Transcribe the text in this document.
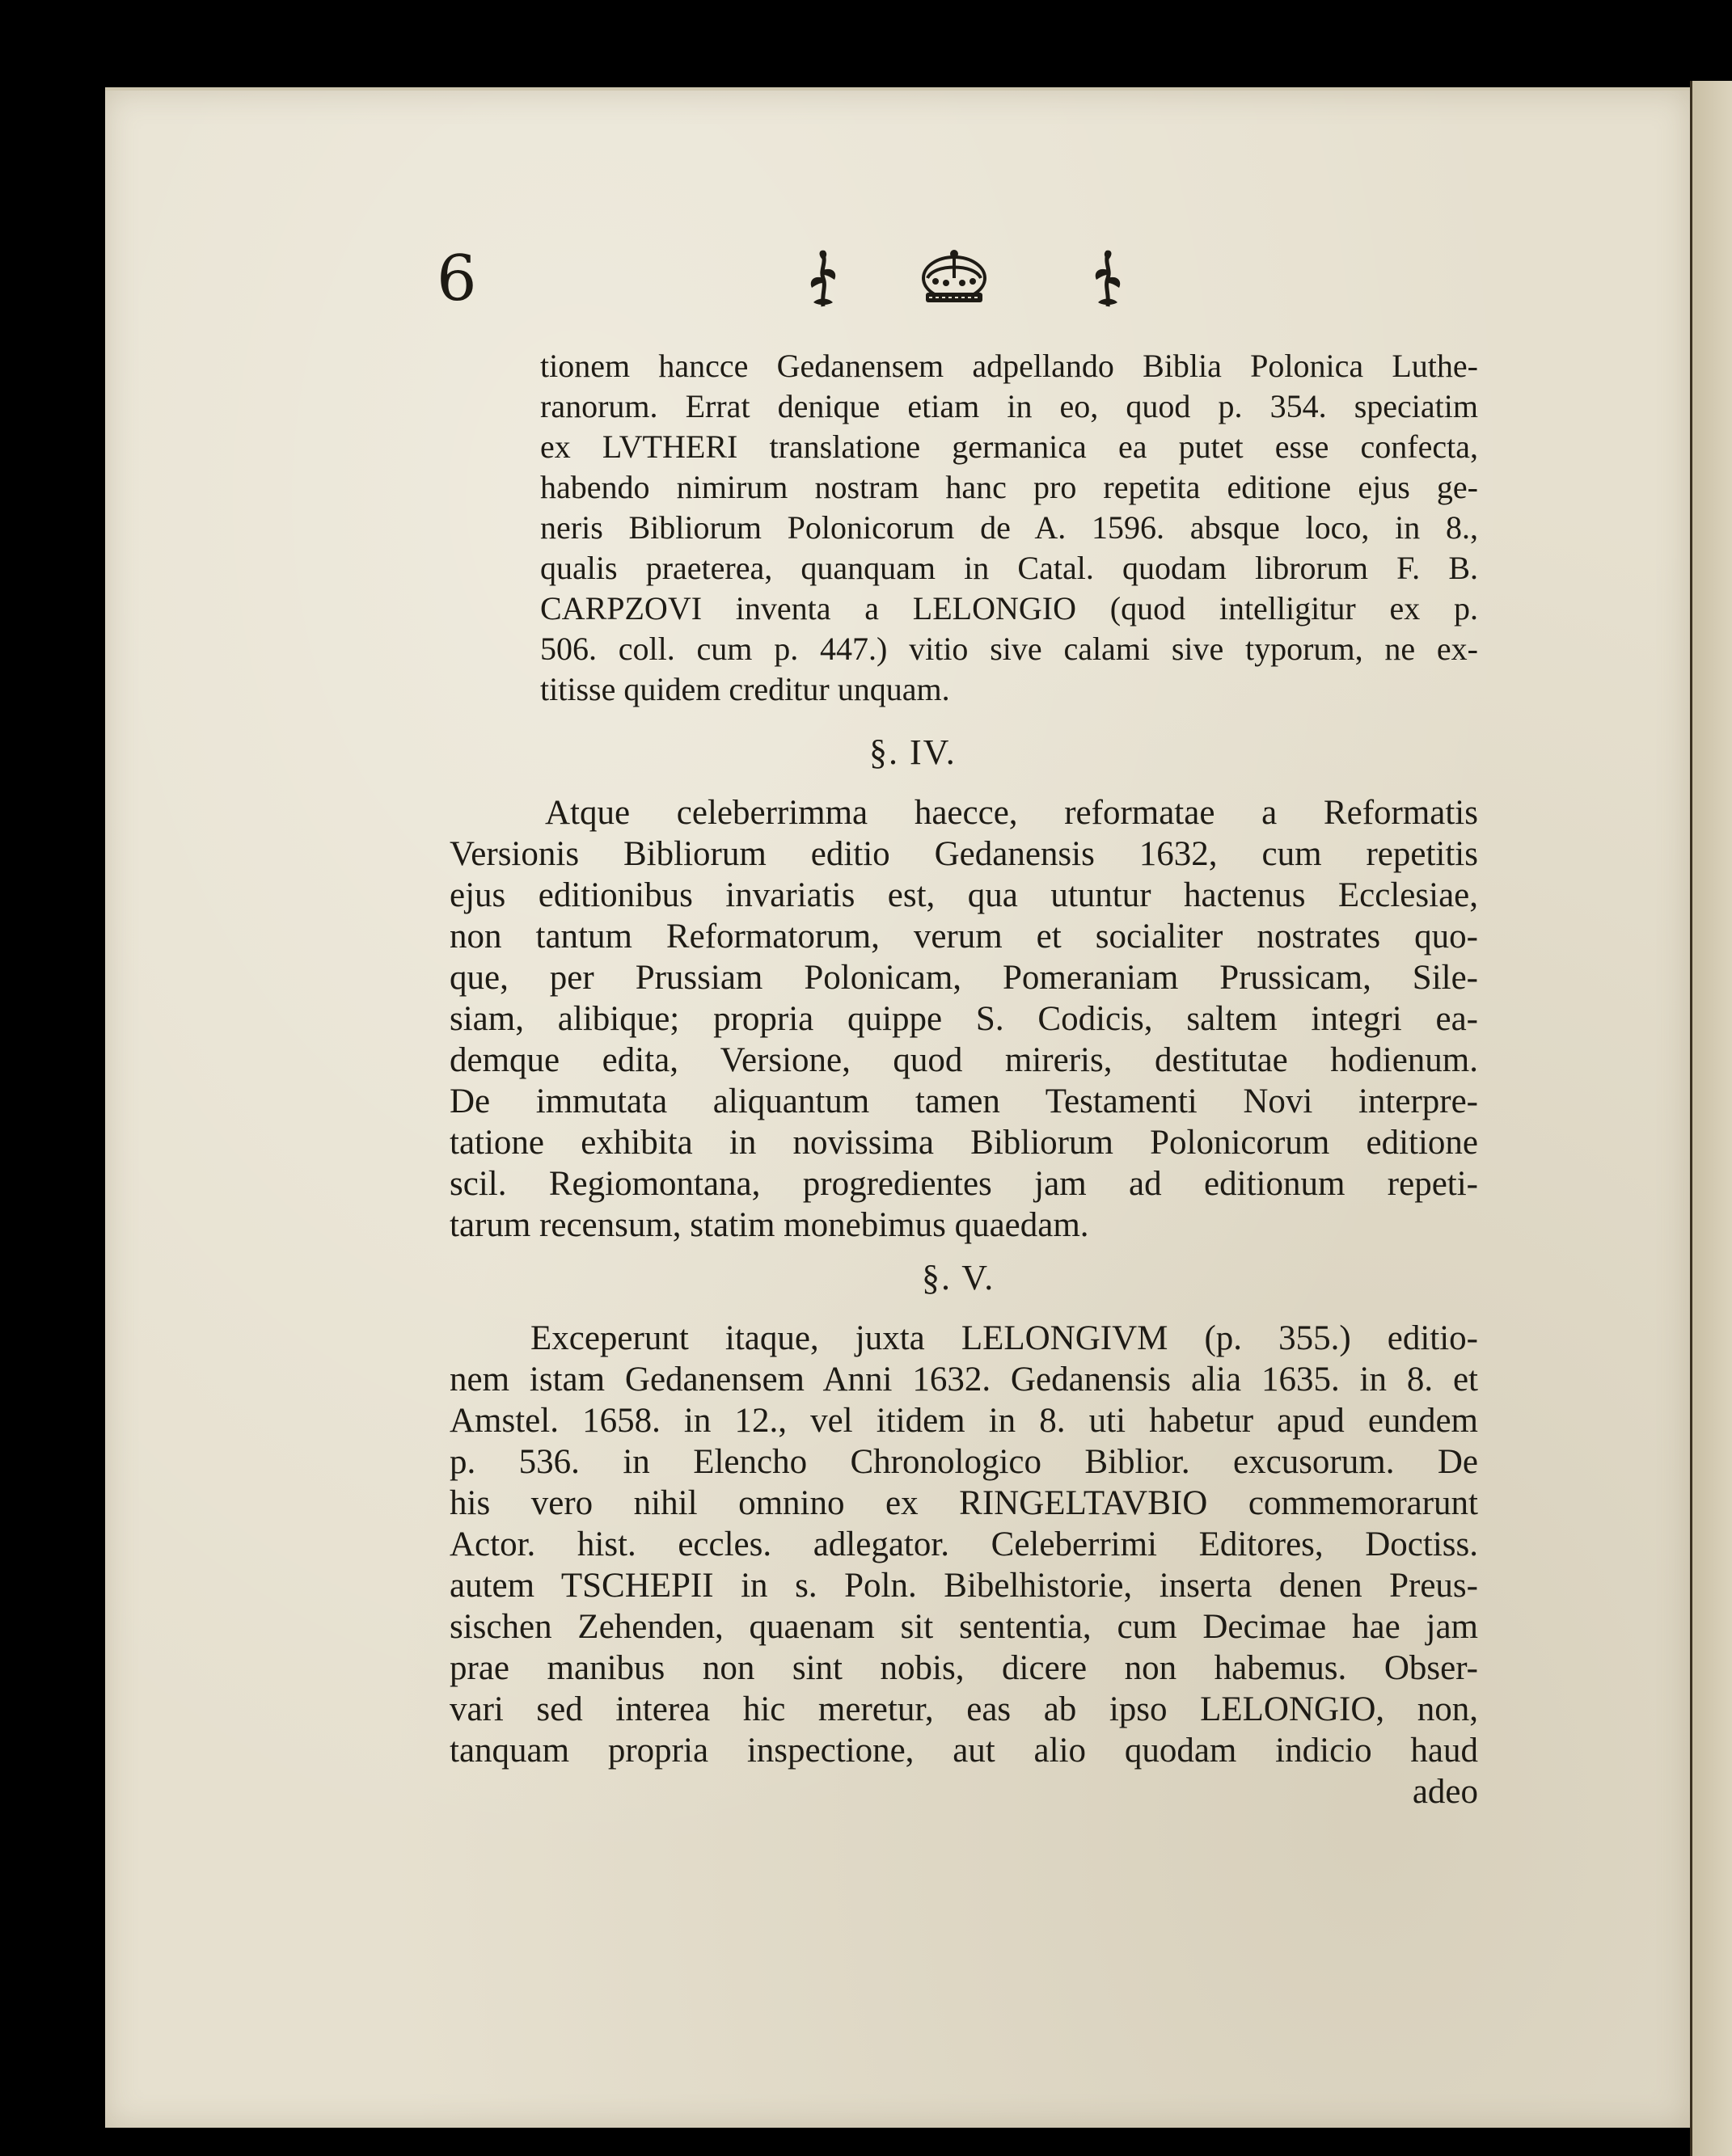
6
tionem hancce Gedanensem adpellando Biblia Polonica Luthe-
ranorum. Errat denique etiam in eo, quod p. 354. speciatim
ex LVTHERI translatione germanica ea putet esse confecta,
habendo nimirum nostram hanc pro repetita editione ejus ge-
neris Bibliorum Polonicorum de A. 1596. absque loco, in 8.,
qualis praeterea, quanquam in Catal. quodam librorum F. B.
CARPZOVI inventa a LELONGIO (quod intelligitur ex p.
506. coll. cum p. 447.) vitio sive calami sive typorum, ne ex-
titisse quidem creditur unquam.
§. IV.
Atque celeberrimma haecce, reformatae a Reformatis
Versionis Bibliorum editio Gedanensis 1632, cum repetitis
ejus editionibus invariatis est, qua utuntur hactenus Ecclesiae,
non tantum Reformatorum, verum et socialiter nostrates quo-
que, per Prussiam Polonicam, Pomeraniam Prussicam, Sile-
siam, alibique; propria quippe S. Codicis, saltem integri ea-
demque edita, Versione, quod mireris, destitutae hodienum.
De immutata aliquantum tamen Testamenti Novi interpre-
tatione exhibita in novissima Bibliorum Polonicorum editione
scil. Regiomontana, progredientes jam ad editionum repeti-
tarum recensum, statim monebimus quaedam.
§. V.
Exceperunt itaque, juxta LELONGIVM (p. 355.) editio-
nem istam Gedanensem Anni 1632. Gedanensis alia 1635. in 8. et
Amstel. 1658. in 12., vel itidem in 8. uti habetur apud eundem
p. 536. in Elencho Chronologico Biblior. excusorum. De
his vero nihil omnino ex RINGELTAVBIO commemorarunt
Actor. hist. eccles. adlegator. Celeberrimi Editores, Doctiss.
autem TSCHEPII in s. Poln. Bibelhistorie, inserta denen Preus-
sischen Zehenden, quaenam sit sententia, cum Decimae hae jam
prae manibus non sint nobis, dicere non habemus. Obser-
vari sed interea hic meretur, eas ab ipso LELONGIO, non,
tanquam propria inspectione, aut alio quodam indicio haud
adeo
